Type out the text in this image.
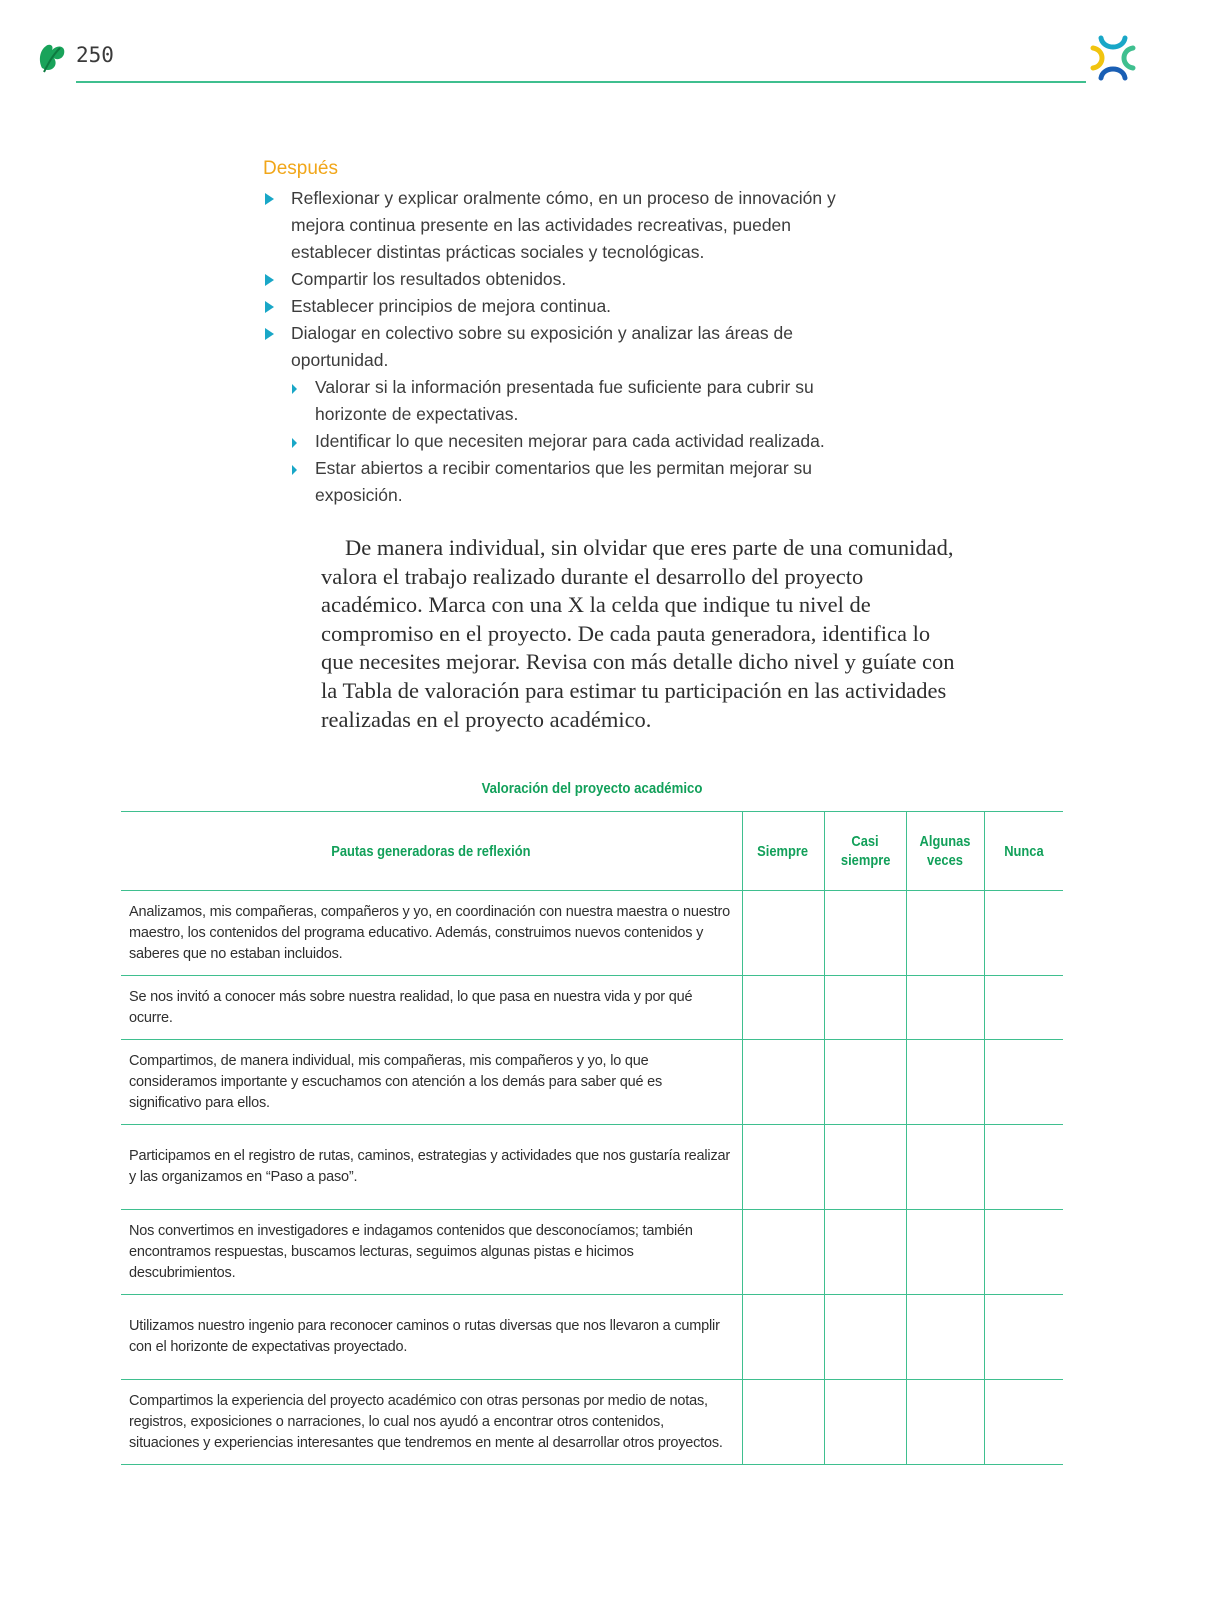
250
Después
Reflexionar y explicar oralmente cómo, en un proceso de innovación y mejora continua presente en las actividades recreativas, pueden establecer distintas prácticas sociales y tecnológicas.
Compartir los resultados obtenidos.
Establecer principios de mejora continua.
Dialogar en colectivo sobre su exposición y analizar las áreas de oportunidad.
Valorar si la información presentada fue suficiente para cubrir su horizonte de expectativas.
Identificar lo que necesiten mejorar para cada actividad realizada.
Estar abiertos a recibir comentarios que les permitan mejorar su exposición.

De manera individual, sin olvidar que eres parte de una comunidad, valora el trabajo realizado durante el desarrollo del proyecto académico. Marca con una X la celda que indique tu nivel de compromiso en el proyecto. De cada pauta generadora, identifica lo que necesites mejorar. Revisa con más detalle dicho nivel y guíate con la Tabla de valoración para estimar tu participación en las actividades realizadas en el proyecto académico.

Valoración del proyecto académico
Pautas generadoras de reflexión	Siempre	Casi siempre	Algunas veces	Nunca

Analizamos, mis compañeras, compañeros y yo, en coordinación con nuestra maestra o nuestro maestro, los contenidos del programa educativo. Además, construimos nuevos contenidos y saberes que no estaban incluidos.				

Se nos invitó a conocer más sobre nuestra realidad, lo que pasa en nuestra vida y por qué ocurre.				

Compartimos, de manera individual, mis compañeras, mis compañeros y yo, lo que consideramos importante y escuchamos con atención a los demás para saber qué es significativo para ellos.				

Participamos en el registro de rutas, caminos, estrategias y actividades que nos gustaría realizar y las organizamos en “Paso a paso”.				

Nos convertimos en investigadores e indagamos contenidos que desconocíamos; también encontramos respuestas, buscamos lecturas, seguimos algunas pistas e hicimos descubrimientos.				

Utilizamos nuestro ingenio para reconocer caminos o rutas diversas que nos llevaron a cumplir con el horizonte de expectativas proyectado.				

Compartimos la experiencia del proyecto académico con otras personas por medio de notas, registros, exposiciones o narraciones, lo cual nos ayudó a encontrar otros contenidos, situaciones y experiencias interesantes que tendremos en mente al desarrollar otros proyectos.				
